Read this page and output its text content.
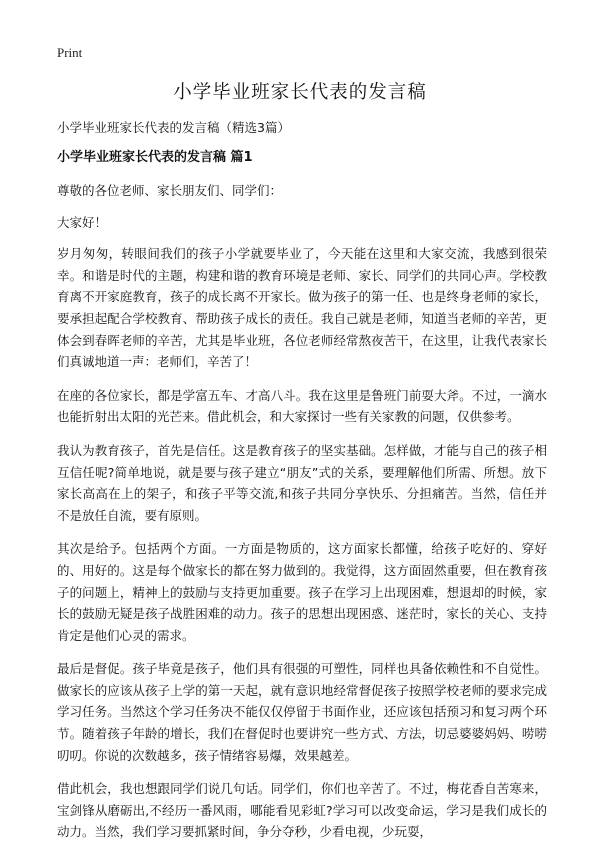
Print
小学毕业班家长代表的发言稿

小学毕业班家长代表的发言稿（精选3篇）

小学毕业班家长代表的发言稿 篇1

尊敬的各位老师、家长朋友们、同学们：

大家好！

岁月匆匆，转眼间我们的孩子小学就要毕业了，今天能在这里和大家交流，我感到很荣幸。和谐是时代的主题，构建和谐的教育环境是老师、家长、同学们的共同心声。学校教育离不开家庭教育，孩子的成长离不开家长。做为孩子的第一任、也是终身老师的家长，要承担起配合学校教育、帮助孩子成长的责任。我自己就是老师，知道当老师的辛苦，更体会到春晖老师的辛苦，尤其是毕业班，各位老师经常熬夜苦干，在这里，让我代表家长们真诚地道一声：老师们，辛苦了！

在座的各位家长，都是学富五车、才高八斗。我在这里是鲁班门前耍大斧。不过，一滴水也能折射出太阳的光芒来。借此机会，和大家探讨一些有关家教的问题，仅供参考。

我认为教育孩子，首先是信任。这是教育孩子的坚实基础。怎样做，才能与自己的孩子相互信任呢?简单地说，就是要与孩子建立“朋友”式的关系，要理解他们所需、所想。放下家长高高在上的架子，和孩子平等交流,和孩子共同分享快乐、分担痛苦。当然，信任并不是放任自流，要有原则。

其次是给予。包括两个方面。一方面是物质的，这方面家长都懂，给孩子吃好的、穿好的、用好的。这是每个做家长的都在努力做到的。我觉得，这方面固然重要，但在教育孩子的问题上，精神上的鼓励与支持更加重要。孩子在学习上出现困难，想退却的时候，家长的鼓励无疑是孩子战胜困难的动力。孩子的思想出现困惑、迷茫时，家长的关心、支持肯定是他们心灵的需求。

最后是督促。孩子毕竟是孩子，他们具有很强的可塑性，同样也具备依赖性和不自觉性。做家长的应该从孩子上学的第一天起，就有意识地经常督促孩子按照学校老师的要求完成学习任务。当然这个学习任务决不能仅仅停留于书面作业，还应该包括预习和复习两个环节。随着孩子年龄的增长，我们在督促时也要讲究一些方式、方法，切忌婆婆妈妈、唠唠叨叨。你说的次数越多，孩子情绪容易爆，效果越差。

借此机会，我也想跟同学们说几句话。同学们，你们也辛苦了。不过，梅花香自苦寒来，宝剑锋从磨砺出,不经历一番风雨，哪能看见彩虹?学习可以改变命运，学习是我们成长的动力。当然，我们学习要抓紧时间，争分夺秒，少看电视，少玩耍，
